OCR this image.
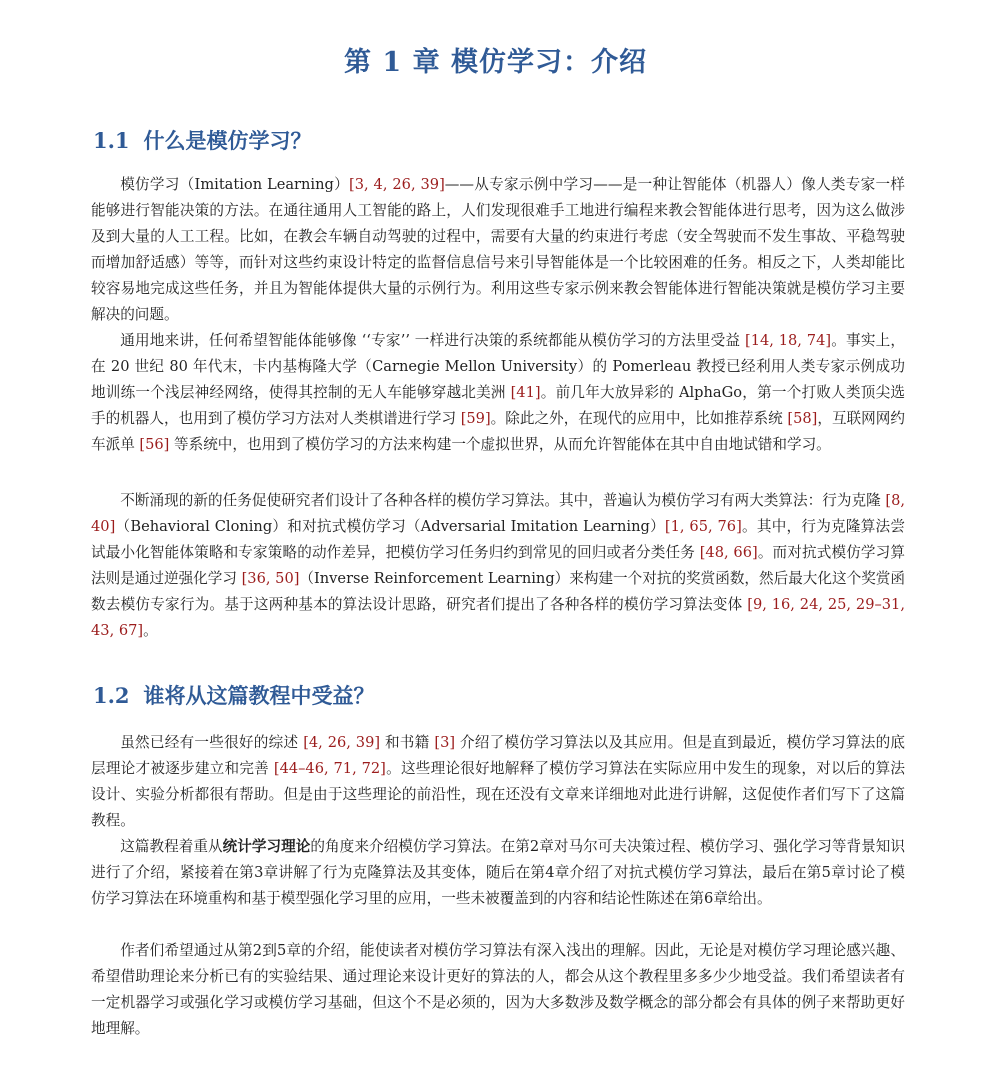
第 1 章 模仿学习：介绍
1.1 什么是模仿学习？

模仿学习（Imitation Learning）[3, 4, 26, 39]——从专家示例中学习——是一种让智能体（机器人）像人类专家一样能够进行智能决策的方法。在通往通用人工智能的路上，人们发现很难手工地进行编程来教会智能体进行思考，因为这么做涉及到大量的人工工程。比如，在教会车辆自动驾驶的过程中，需要有大量的约束进行考虑（安全驾驶而不发生事故、平稳驾驶而增加舒适感）等等，而针对这些约束设计特定的监督信息信号来引导智能体是一个比较困难的任务。相反之下，人类却能比较容易地完成这些任务，并且为智能体提供大量的示例行为。利用这些专家示例来教会智能体进行智能决策就是模仿学习主要解决的问题。

通用地来讲，任何希望智能体能够像 ‘‘专家’’ 一样进行决策的系统都能从模仿学习的方法里受益 [14, 18, 74]。事实上，在 20 世纪 80 年代末，卡内基梅隆大学（Carnegie Mellon University）的 Pomerleau 教授已经利用人类专家示例成功地训练一个浅层神经网络，使得其控制的无人车能够穿越北美洲 [41]。前几年大放异彩的 AlphaGo，第一个打败人类顶尖选手的机器人，也用到了模仿学习方法对人类棋谱进行学习 [59]。除此之外，在现代的应用中，比如推荐系统 [58]，互联网网约车派单 [56] 等系统中，也用到了模仿学习的方法来构建一个虚拟世界，从而允许智能体在其中自由地试错和学习。

不断涌现的新的任务促使研究者们设计了各种各样的模仿学习算法。其中，普遍认为模仿学习有两大类算法：行为克隆 [8, 40]（Behavioral Cloning）和对抗式模仿学习（Adversarial Imitation Learning）[1, 65, 76]。其中，行为克隆算法尝试最小化智能体策略和专家策略的动作差异，把模仿学习任务归约到常见的回归或者分类任务 [48, 66]。而对抗式模仿学习算法则是通过逆强化学习 [36, 50]（Inverse Reinforcement Learning）来构建一个对抗的奖赏函数，然后最大化这个奖赏函数去模仿专家行为。基于这两种基本的算法设计思路，研究者们提出了各种各样的模仿学习算法变体 [9, 16, 24, 25, 29–31, 43, 67]。

1.2 谁将从这篇教程中受益？

虽然已经有一些很好的综述 [4, 26, 39] 和书籍 [3] 介绍了模仿学习算法以及其应用。但是直到最近，模仿学习算法的底层理论才被逐步建立和完善 [44–46, 71, 72]。这些理论很好地解释了模仿学习算法在实际应用中发生的现象，对以后的算法设计、实验分析都很有帮助。但是由于这些理论的前沿性，现在还没有文章来详细地对此进行讲解，这促使作者们写下了这篇教程。

这篇教程着重从统计学习理论的角度来介绍模仿学习算法。在第2章对马尔可夫决策过程、模仿学习、强化学习等背景知识进行了介绍，紧接着在第3章讲解了行为克隆算法及其变体，随后在第4章介绍了对抗式模仿学习算法，最后在第5章讨论了模仿学习算法在环境重构和基于模型强化学习里的应用，一些未被覆盖到的内容和结论性陈述在第6章给出。

作者们希望通过从第2到5章的介绍，能使读者对模仿学习算法有深入浅出的理解。因此，无论是对模仿学习理论感兴趣、希望借助理论来分析已有的实验结果、通过理论来设计更好的算法的人，都会从这个教程里多多少少地受益。我们希望读者有一定机器学习或强化学习或模仿学习基础，但这个不是必须的，因为大多数涉及数学概念的部分都会有具体的例子来帮助更好地理解。
